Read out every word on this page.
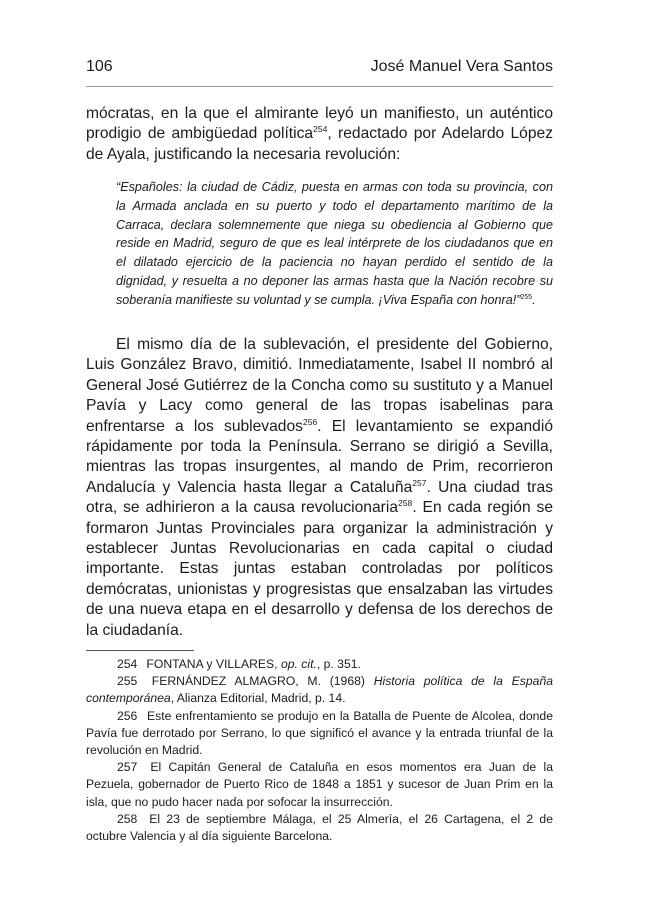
106	José Manuel Vera Santos
mócratas, en la que el almirante leyó un manifiesto, un auténtico prodigio de ambigüedad política$^{254}$, redactado por Adelardo López de Ayala, justificando la necesaria revolución:
“Españoles: la ciudad de Cádiz, puesta en armas con toda su provincia, con la Armada anclada en su puerto y todo el departamento marítimo de la Carraca, declara solemnemente que niega su obediencia al Gobierno que reside en Madrid, seguro de que es leal intérprete de los ciudadanos que en el dilatado ejercicio de la paciencia no hayan perdido el sentido de la dignidad, y resuelta a no deponer las armas hasta que la Nación recobre su soberanía manifieste su voluntad y se cumpla. ¡Viva España con honra!”$^{255}$.
El mismo día de la sublevación, el presidente del Gobierno, Luis González Bravo, dimitió. Inmediatamente, Isabel II nombró al General José Gutiérrez de la Concha como su sustituto y a Manuel Pavía y Lacy como general de las tropas isabelinas para enfrentarse a los sublevados$^{256}$. El levantamiento se expandió rápidamente por toda la Península. Serrano se dirigió a Sevilla, mientras las tropas insurgentes, al mando de Prim, recorrieron Andalucía y Valencia hasta llegar a Cataluña$^{257}$. Una ciudad tras otra, se adhirieron a la causa revolucionaria$^{258}$. En cada región se formaron Juntas Provinciales para organizar la administración y establecer Juntas Revolucionarias en cada capital o ciudad importante. Estas juntas estaban controladas por políticos demócratas, unionistas y progresistas que ensalzaban las virtudes de una nueva etapa en el desarrollo y defensa de los derechos de la ciudadanía.

254 FONTANA y VILLARES, op. cit., p. 351.

255 FERNÁNDEZ ALMAGRO, M. (1968) Historia política de la España contemporánea, Alianza Editorial, Madrid, p. 14.

256 Este enfrentamiento se produjo en la Batalla de Puente de Alcolea, donde Pavía fue derrotado por Serrano, lo que significó el avance y la entrada triunfal de la revolución en Madrid.

257 El Capitán General de Cataluña en esos momentos era Juan de la Pezuela, gobernador de Puerto Rico de 1848 a 1851 y sucesor de Juan Prim en la isla, que no pudo hacer nada por sofocar la insurrección.

258 El 23 de septiembre Málaga, el 25 Almería, el 26 Cartagena, el 2 de octubre Valencia y al día siguiente Barcelona.
